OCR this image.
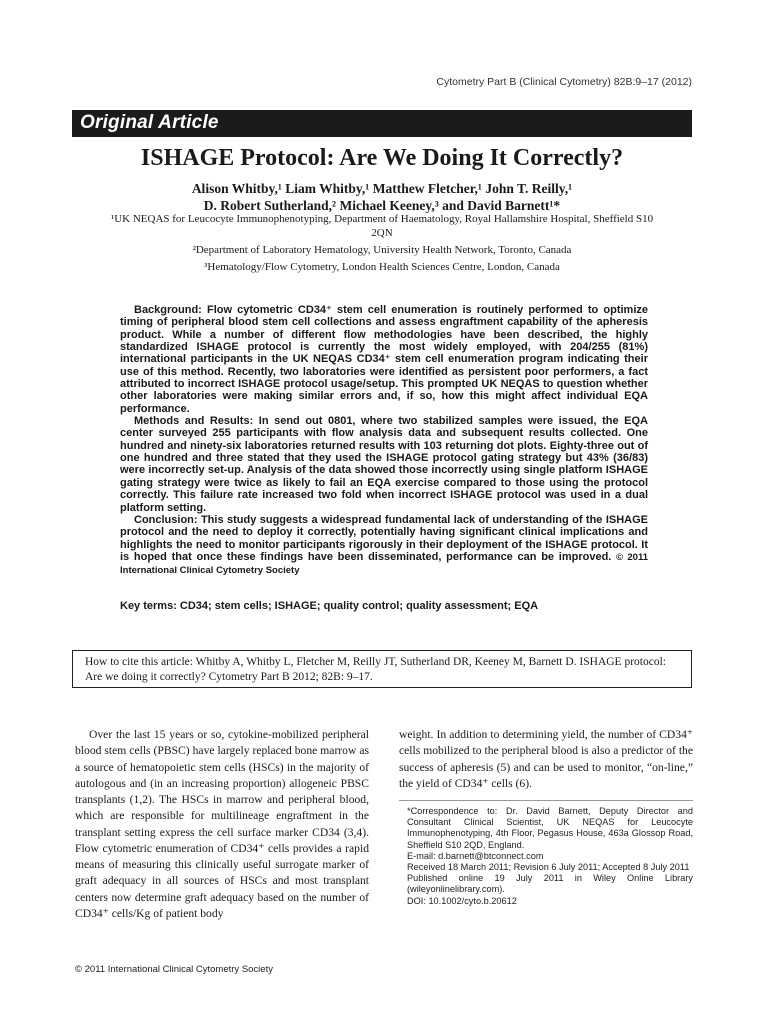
Cytometry Part B (Clinical Cytometry) 82B:9–17 (2012)
Original Article
ISHAGE Protocol: Are We Doing It Correctly?
Alison Whitby,¹ Liam Whitby,¹ Matthew Fletcher,¹ John T. Reilly,¹
D. Robert Sutherland,² Michael Keeney,³ and David Barnett¹*

¹UK NEQAS for Leucocyte Immunophenotyping, Department of Haematology, Royal Hallamshire Hospital, Sheffield S10 2QN

²Department of Laboratory Hematology, University Health Network, Toronto, Canada

³Hematology/Flow Cytometry, London Health Sciences Centre, London, Canada

Background: Flow cytometric CD34⁺ stem cell enumeration is routinely performed to optimize timing of peripheral blood stem cell collections and assess engraftment capability of the apheresis product. While a number of different flow methodologies have been described, the highly standardized ISHAGE protocol is currently the most widely employed, with 204/255 (81%) international participants in the UK NEQAS CD34⁺ stem cell enumeration program indicating their use of this method. Recently, two laboratories were identified as persistent poor performers, a fact attributed to incorrect ISHAGE protocol usage/setup. This prompted UK NEQAS to question whether other laboratories were making similar errors and, if so, how this might affect individual EQA performance.

Methods and Results: In send out 0801, where two stabilized samples were issued, the EQA center surveyed 255 participants with flow analysis data and subsequent results collected. One hundred and ninety-six laboratories returned results with 103 returning dot plots. Eighty-three out of one hundred and three stated that they used the ISHAGE protocol gating strategy but 43% (36/83) were incorrectly set-up. Analysis of the data showed those incorrectly using single platform ISHAGE gating strategy were twice as likely to fail an EQA exercise compared to those using the protocol correctly. This failure rate increased two fold when incorrect ISHAGE protocol was used in a dual platform setting.

Conclusion: This study suggests a widespread fundamental lack of understanding of the ISHAGE protocol and the need to deploy it correctly, potentially having significant clinical implications and highlights the need to monitor participants rigorously in their deployment of the ISHAGE protocol. It is hoped that once these findings have been disseminated, performance can be improved. © 2011 International Clinical Cytometry Society

Key terms: CD34; stem cells; ISHAGE; quality control; quality assessment; EQA
How to cite this article: Whitby A, Whitby L, Fletcher M, Reilly JT, Sutherland DR, Keeney M, Barnett D. ISHAGE protocol: Are we doing it correctly? Cytometry Part B 2012; 82B: 9–17.

Over the last 15 years or so, cytokine-mobilized peripheral blood stem cells (PBSC) have largely replaced bone marrow as a source of hematopoietic stem cells (HSCs) in the majority of autologous and (in an increasing proportion) allogeneic PBSC transplants (1,2). The HSCs in marrow and peripheral blood, which are responsible for multilineage engraftment in the transplant setting express the cell surface marker CD34 (3,4). Flow cytometric enumeration of CD34⁺ cells provides a rapid means of measuring this clinically useful surrogate marker of graft adequacy in all sources of HSCs and most transplant centers now determine graft adequacy based on the number of CD34⁺ cells/Kg of patient body

weight. In addition to determining yield, the number of CD34⁺ cells mobilized to the peripheral blood is also a predictor of the success of apheresis (5) and can be used to monitor, “on-line,” the yield of CD34⁺ cells (6).

*Correspondence to: Dr. David Barnett, Deputy Director and Consultant Clinical Scientist, UK NEQAS for Leucocyte Immunophenotyping, 4th Floor, Pegasus House, 463a Glossop Road, Sheffield S10 2QD, England.

E-mail: d.barnett@btconnect.com

Received 18 March 2011; Revision 6 July 2011; Accepted 8 July 2011

Published online 19 July 2011 in Wiley Online Library (wileyonlinelibrary.com).

DOI: 10.1002/cyto.b.20612

© 2011 International Clinical Cytometry Society
